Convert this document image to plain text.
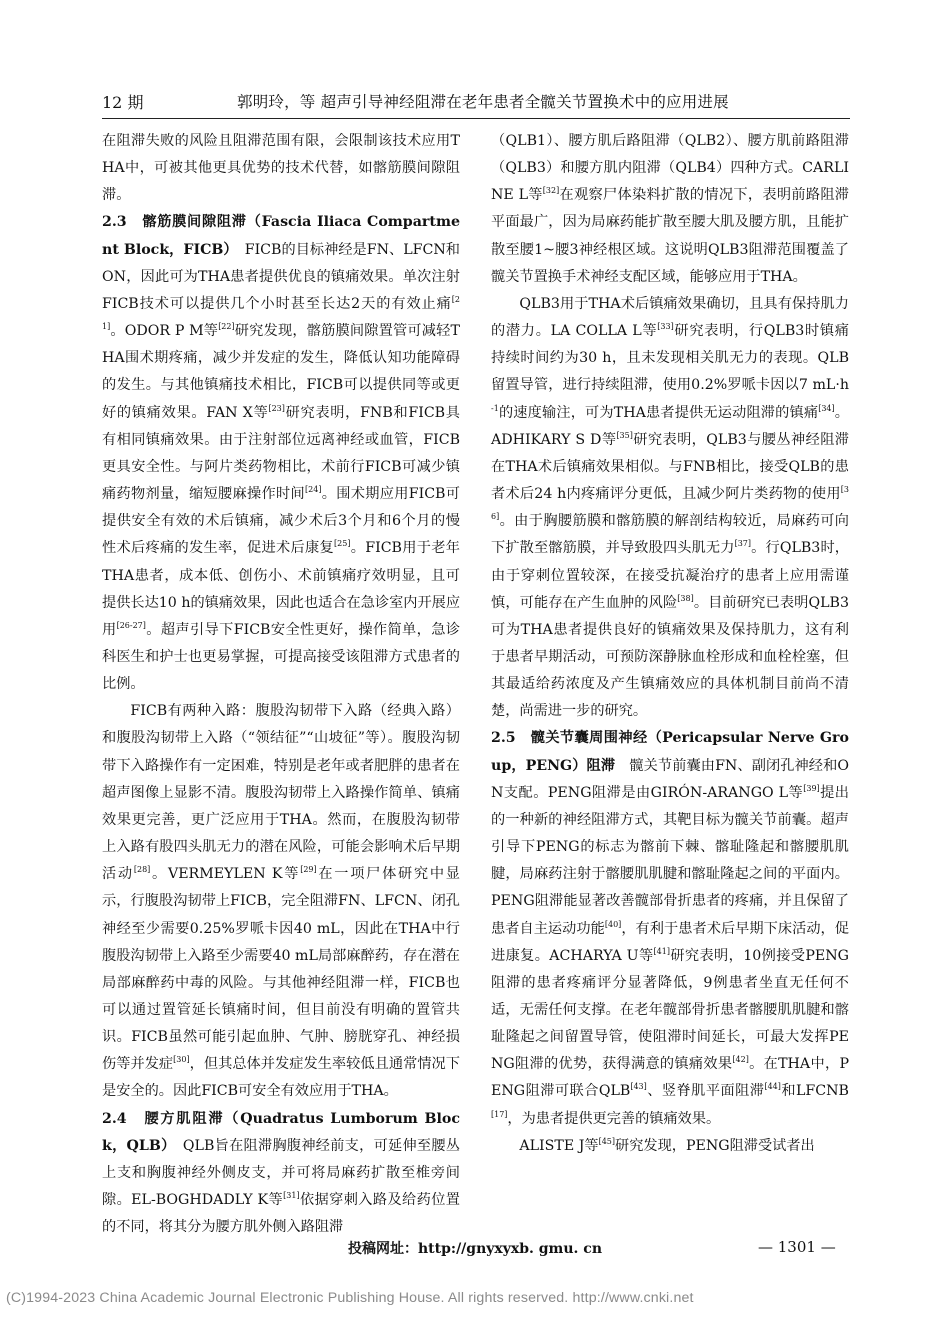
12 期	郭明玲，等 超声引导神经阻滞在老年患者全髋关节置换术中的应用进展

在阻滞失败的风险且阻滞范围有限，会限制该技术应用THA中，可被其他更具优势的技术代替，如髂筋膜间隙阻滞。

2.3　髂筋膜间隙阻滞（Fascia Iliaca Compartment Block，FICB）　FICB的目标神经是FN、LFCN和ON，因此可为THA患者提供优良的镇痛效果。单次注射FICB技术可以提供几个小时甚至长达2天的有效止痛[21]。ODOR P M等[22]研究发现，髂筋膜间隙置管可减轻THA围术期疼痛，减少并发症的发生，降低认知功能障碍的发生。与其他镇痛技术相比，FICB可以提供同等或更好的镇痛效果。FAN X等[23]研究表明，FNB和FICB具有相同镇痛效果。由于注射部位远离神经或血管，FICB更具安全性。与阿片类药物相比，术前行FICB可减少镇痛药物剂量，缩短腰麻操作时间[24]。围术期应用FICB可提供安全有效的术后镇痛，减少术后3个月和6个月的慢性术后疼痛的发生率，促进术后康复[25]。FICB用于老年THA患者，成本低、创伤小、术前镇痛疗效明显，且可提供长达10 h的镇痛效果，因此也适合在急诊室内开展应用[26-27]。超声引导下FICB安全性更好，操作简单，急诊科医生和护士也更易掌握，可提高接受该阻滞方式患者的比例。

FICB有两种入路：腹股沟韧带下入路（经典入路）和腹股沟韧带上入路（“领结征”“山坡征”等）。腹股沟韧带下入路操作有一定困难，特别是老年或者肥胖的患者在超声图像上显影不清。腹股沟韧带上入路操作简单、镇痛效果更完善，更广泛应用于THA。然而，在腹股沟韧带上入路有股四头肌无力的潜在风险，可能会影响术后早期活动[28]。VERMEYLEN K等[29]在一项尸体研究中显示，行腹股沟韧带上FICB，完全阻滞FN、LFCN、闭孔神经至少需要0.25%罗哌卡因40 mL，因此在THA中行腹股沟韧带上入路至少需要40 mL局部麻醉药，存在潜在局部麻醉药中毒的风险。与其他神经阻滞一样，FICB也可以通过置管延长镇痛时间，但目前没有明确的置管共识。FICB虽然可能引起血肿、气肿、膀胱穿孔、神经损伤等并发症[30]，但其总体并发症发生率较低且通常情况下是安全的。因此FICB可安全有效应用于THA。

2.4　腰方肌阻滞（Quadratus Lumborum Block，QLB）　QLB旨在阻滞胸腹神经前支，可延伸至腰丛上支和胸腹神经外侧皮支，并可将局麻药扩散至椎旁间隙。EL-BOGHDADLY K等[31]依据穿刺入路及给药位置的不同，将其分为腰方肌外侧入路阻滞

（QLB1）、腰方肌后路阻滞（QLB2）、腰方肌前路阻滞（QLB3）和腰方肌内阻滞（QLB4）四种方式。CARLINE L等[32]在观察尸体染料扩散的情况下，表明前路阻滞平面最广，因为局麻药能扩散至腰大肌及腰方肌，且能扩散至腰1~腰3神经根区域。这说明QLB3阻滞范围覆盖了髋关节置换手术神经支配区域，能够应用于THA。

QLB3用于THA术后镇痛效果确切，且具有保持肌力的潜力。LA COLLA L等[33]研究表明，行QLB3时镇痛持续时间约为30 h，且未发现相关肌无力的表现。QLB留置导管，进行持续阻滞，使用0.2%罗哌卡因以7 $mL\cdot h^{-1}$的速度输注，可为THA患者提供无运动阻滞的镇痛[34]。ADHIKARY S D等[35]研究表明，QLB3与腰丛神经阻滞在THA术后镇痛效果相似。与FNB相比，接受QLB的患者术后24 h内疼痛评分更低，且减少阿片类药物的使用[36]。由于胸腰筋膜和髂筋膜的解剖结构较近，局麻药可向下扩散至髂筋膜，并导致股四头肌无力[37]。行QLB3时，由于穿刺位置较深，在接受抗凝治疗的患者上应用需谨慎，可能存在产生血肿的风险[38]。目前研究已表明QLB3可为THA患者提供良好的镇痛效果及保持肌力，这有利于患者早期活动，可预防深静脉血栓形成和血栓栓塞，但其最适给药浓度及产生镇痛效应的具体机制目前尚不清楚，尚需进一步的研究。

2.5　髋关节囊周围神经（Pericapsular Nerve Group，PENG）阻滞　髋关节前囊由FN、副闭孔神经和ON支配。PENG阻滞是由GIRÓN-ARANGO L等[39]提出的一种新的神经阻滞方式，其靶目标为髋关节前囊。超声引导下PENG的标志为髂前下棘、髂耻隆起和髂腰肌肌腱，局麻药注射于髂腰肌肌腱和髂耻隆起之间的平面内。PENG阻滞能显著改善髋部骨折患者的疼痛，并且保留了患者自主运动功能[40]，有利于患者术后早期下床活动，促进康复。ACHARYA U等[41]研究表明，10例接受PENG阻滞的患者疼痛评分显著降低，9例患者坐直无任何不适，无需任何支撑。在老年髋部骨折患者髂腰肌肌腱和髂耻隆起之间留置导管，使阻滞时间延长，可最大发挥PENG阻滞的优势，获得满意的镇痛效果[42]。在THA中，PENG阻滞可联合QLB[43]、竖脊肌平面阻滞[44]和LFCNB[17]，为患者提供更完善的镇痛效果。

ALISTE J等[45]研究发现，PENG阻滞受试者出

投稿网址：http://gnyxyxb. gmu. cn	— 1301 —
(C)1994-2023 China Academic Journal Electronic Publishing House. All rights reserved. http://www.cnki.net
